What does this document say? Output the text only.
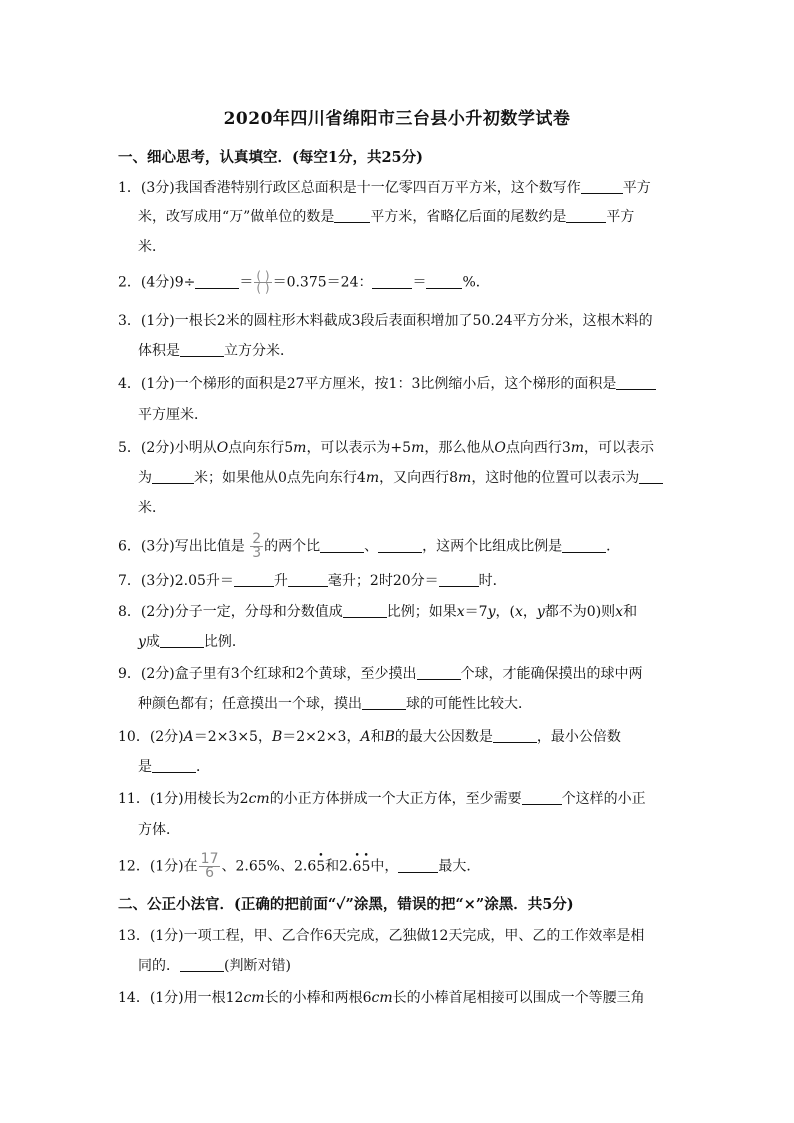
2020年四川省绵阳市三台县小升初数学试卷
一、细心思考，认真填空．(每空1分，共25分)
1．(3分)我国香港特别行政区总面积是十一亿零四百万平方米，这个数写作	平方
米，改写成用“万”做单位的数是	平方米，省略亿后面的尾数约是	平方
米．
2．(4分)9÷	＝ $\frac{( )}{( )} =0.375=24$：	＝	%．
3．(1分)一根长2米的圆柱形木料截成3段后表面积增加了50.24平方分米，这根木料的
体积是	立方分米．
4．(1分)一个梯形的面积是27平方厘米，按1：3比例缩小后，这个梯形的面积是
平方厘米．
5．(2分)小明从O点向东行5m，可以表示为+5m，那么他从O点向西行3m，可以表示
为	米；如果他从0点先向东行4m，又向西行8m，这时他的位置可以表示为
米．
6．(3分)写出比值是 $\frac{2}{3}$ 的两个比	、	，这两个比组成比例是	．
7．(3分)2.05升＝	升	毫升；2时20分＝	时．
8．(2分)分子一定，分母和分数值成	比例；如果x＝7y，(x，y都不为0)则x和
y成	比例．
9．(2分)盒子里有3个红球和2个黄球，至少摸出	个球，才能确保摸出的球中两
种颜色都有；任意摸出一个球，摸出	球的可能性比较大．
10．(2分)A＝2×3×5，B＝2×2×3，A和B的最大公因数是	，最小公倍数
是	．
11．(1分)用棱长为2cm的小正方体拼成一个大正方体，至少需要	个这样的小正
方体．
12．(1分)在 $\frac{17}{6}$ 、2.65%、2.6• 5和2.• 6• 5中，	最大．
二、公正小法官．(正确的把前面“✓”涂黑，错误的把“×”涂黑．共5分)
13．(1分)一项工程，甲、乙合作6天完成，乙独做12天完成，甲、乙的工作效率是相
同的．	(判断对错)
14．(1分)用一根12cm长的小棒和两根6cm长的小棒首尾相接可以围成一个等腰三角
